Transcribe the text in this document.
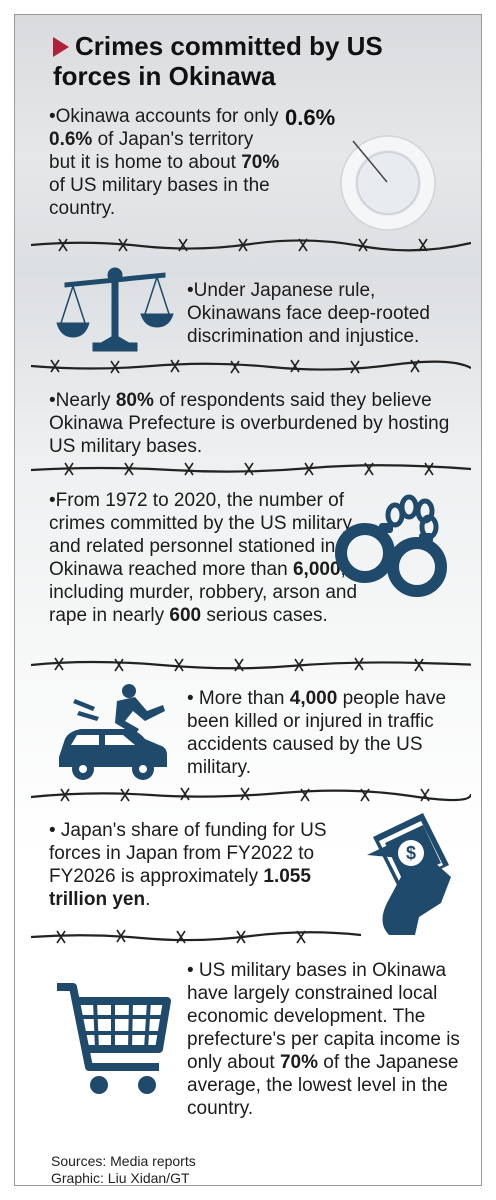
Crimes committed by US
forces in Okinawa
•Okinawa accounts for only 0.6% of Japan's territory but it is home to about 70% of US military bases in the country.
0.6%
•Under Japanese rule, Okinawans face deep-rooted discrimination and injustice.
•Nearly 80% of respondents said they believe Okinawa Prefecture is overburdened by hosting US military bases.
•From 1972 to 2020, the number of crimes committed by the US military and related personnel stationed in Okinawa reached more than 6,000, including murder, robbery, arson and rape in nearly 600 serious cases.
• More than 4,000 people have been killed or injured in traffic accidents caused by the US military.
• Japan's share of funding for US forces in Japan from FY2022 to FY2026 is approximately 1.055 trillion yen.
$
• US military bases in Okinawa have largely constrained local economic development. The prefecture's per capita income is only about 70% of the Japanese average, the lowest level in the country.
Sources: Media reports
Graphic: Liu Xidan/GT
